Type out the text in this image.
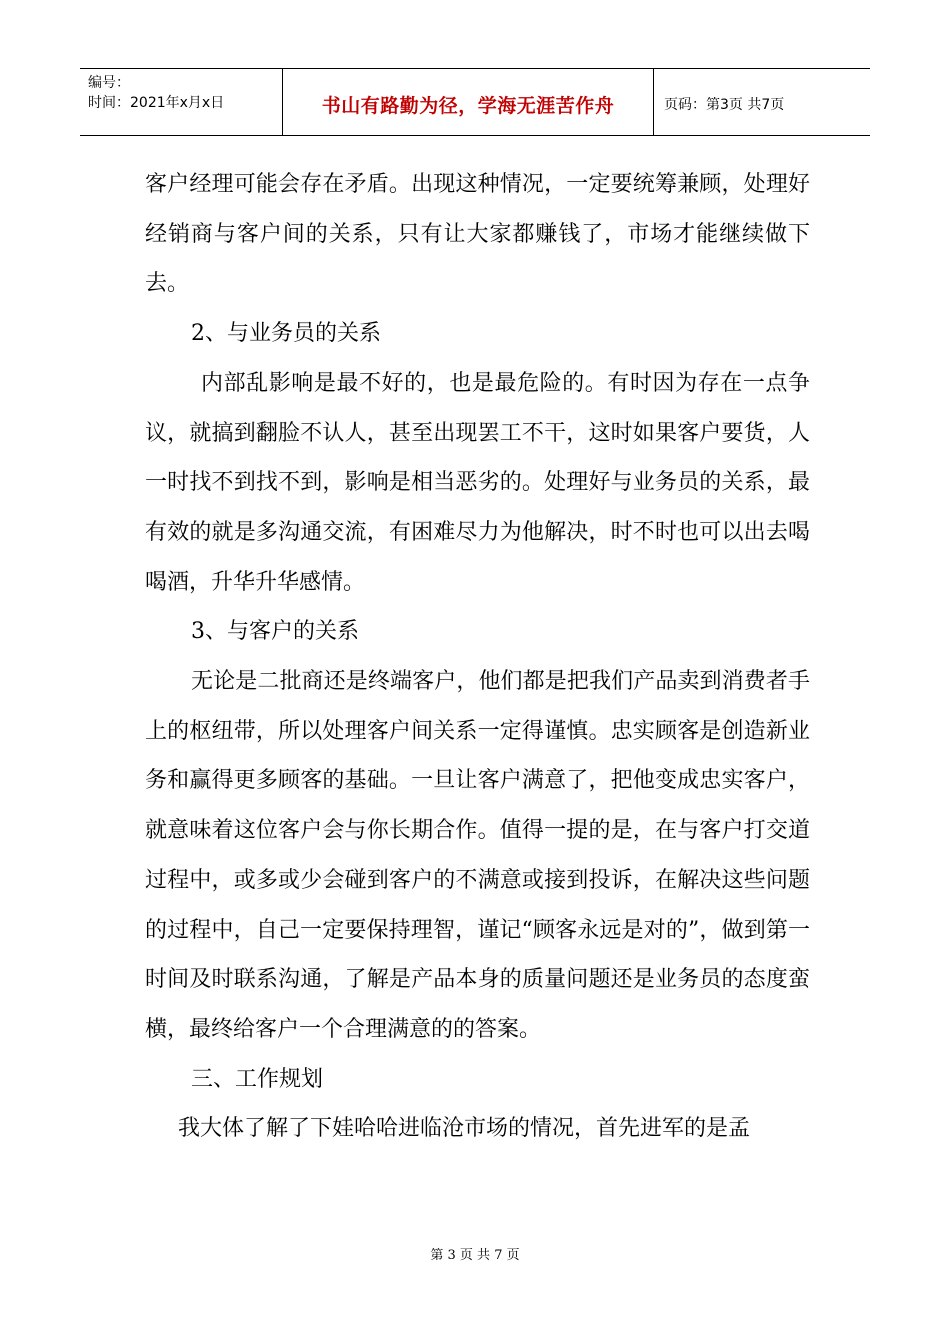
编号：
时间：2021年x月x日	书山有路勤为径，学海无涯苦作舟	页码：第3页 共7页

客户经理可能会存在矛盾。出现这种情况，一定要统筹兼顾，处理好经销商与客户间的关系，只有让大家都赚钱了，市场才能继续做下去。

2、与业务员的关系

内部乱影响是最不好的，也是最危险的。有时因为存在一点争议，就搞到翻脸不认人，甚至出现罢工不干，这时如果客户要货，人一时找不到找不到，影响是相当恶劣的。处理好与业务员的关系，最有效的就是多沟通交流，有困难尽力为他解决，时不时也可以出去喝喝酒，升华升华感情。

3、与客户的关系

无论是二批商还是终端客户，他们都是把我们产品卖到消费者手上的枢纽带，所以处理客户间关系一定得谨慎。忠实顾客是创造新业务和赢得更多顾客的基础。一旦让客户满意了，把他变成忠实客户，就意味着这位客户会与你长期合作。值得一提的是，在与客户打交道过程中，或多或少会碰到客户的不满意或接到投诉，在解决这些问题的过程中，自己一定要保持理智，谨记“顾客永远是对的”，做到第一时间及时联系沟通，了解是产品本身的质量问题还是业务员的态度蛮横，最终给客户一个合理满意的的答案。

三、工作规划

我大体了解了下娃哈哈进临沧市场的情况，首先进军的是孟

第 3 页 共 7 页
